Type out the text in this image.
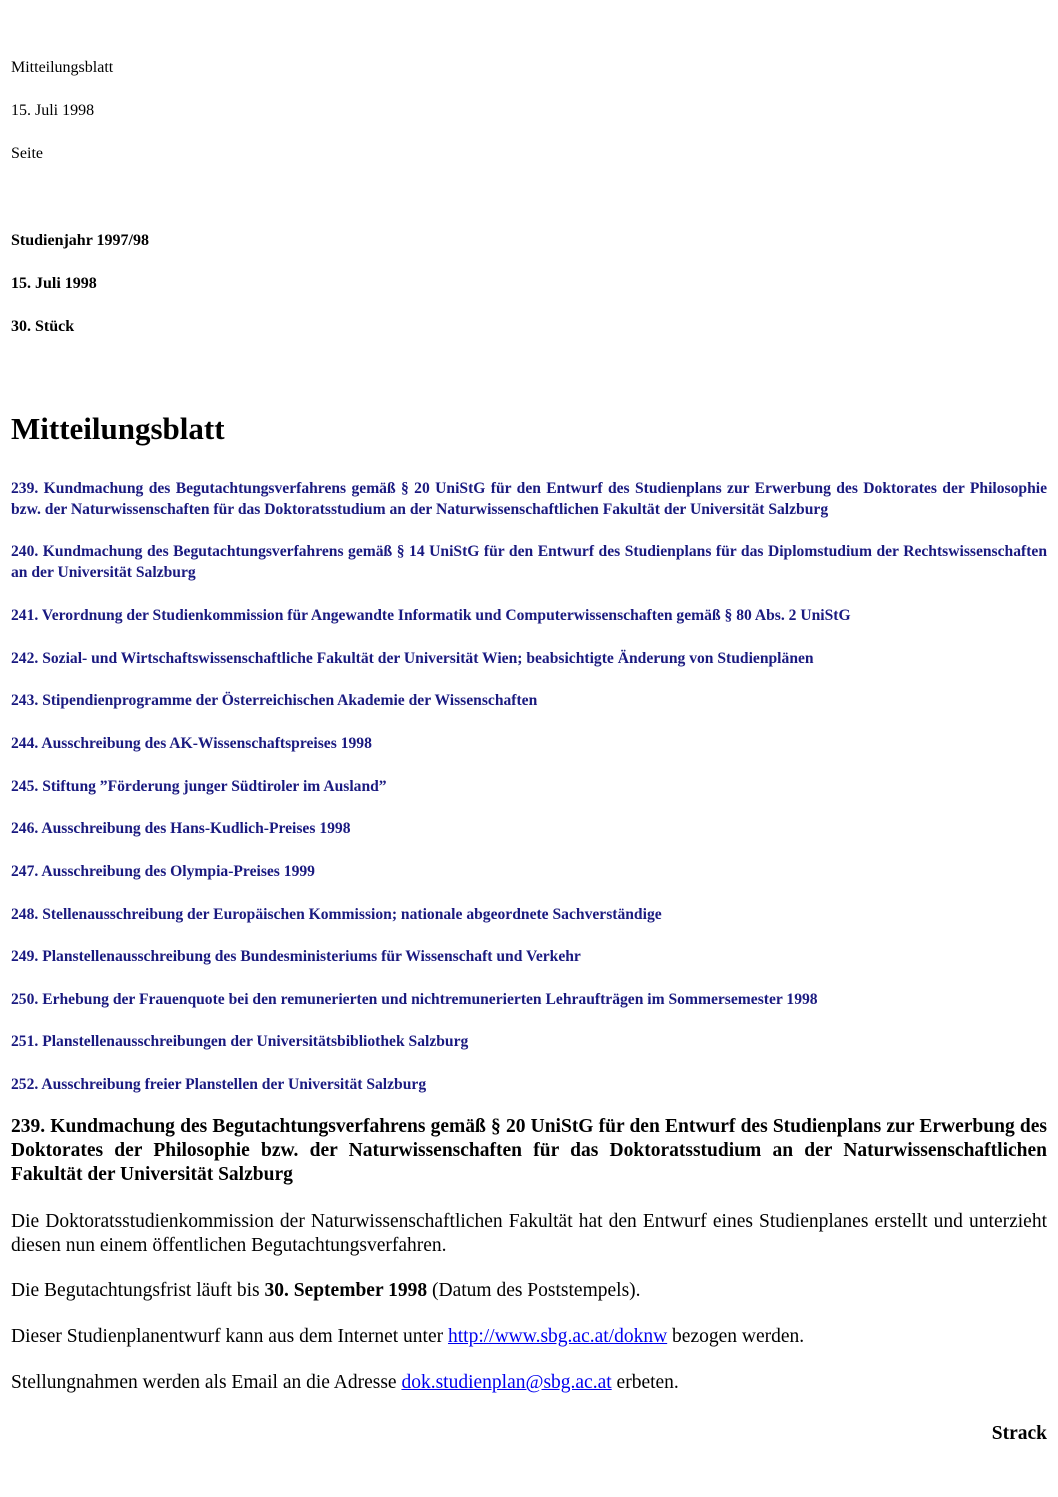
Mitteilungsblatt
15. Juli 1998
Seite
Studienjahr 1997/98
15. Juli 1998
30. Stück
Mitteilungsblatt
239. Kundmachung des Begutachtungsverfahrens gemäß § 20 UniStG für den Entwurf des Studienplans zur Erwerbung des Doktorates der Philosophie bzw. der Naturwissenschaften für das Doktoratsstudium an der Naturwissenschaftlichen Fakultät der Universität Salzburg
240. Kundmachung des Begutachtungsverfahrens gemäß § 14 UniStG für den Entwurf des Studienplans für das Diplomstudium der Rechtswissenschaften an der Universität Salzburg
241. Verordnung der Studienkommission für Angewandte Informatik und Computerwissenschaften gemäß § 80 Abs. 2 UniStG
242. Sozial- und Wirtschaftswissenschaftliche Fakultät der Universität Wien; beabsichtigte Änderung von Studienplänen
243. Stipendienprogramme der Österreichischen Akademie der Wissenschaften
244. Ausschreibung des AK-Wissenschaftspreises 1998
245. Stiftung ”Förderung junger Südtiroler im Ausland”
246. Ausschreibung des Hans-Kudlich-Preises 1998
247. Ausschreibung des Olympia-Preises 1999
248. Stellenausschreibung der Europäischen Kommission; nationale abgeordnete Sachverständige
249. Planstellenausschreibung des Bundesministeriums für Wissenschaft und Verkehr
250. Erhebung der Frauenquote bei den remunerierten und nichtremunerierten Lehraufträgen im Sommersemester 1998
251. Planstellenausschreibungen der Universitätsbibliothek Salzburg
252. Ausschreibung freier Planstellen der Universität Salzburg
239. Kundmachung des Begutachtungsverfahrens gemäß § 20 UniStG für den Entwurf des Studienplans zur Erwerbung des Doktorates der Philosophie bzw. der Naturwissenschaften für das Doktoratsstudium an der Naturwissenschaftlichen Fakultät der Universität Salzburg

Die Doktoratsstudienkommission der Naturwissenschaftlichen Fakultät hat den Entwurf eines Studienplanes erstellt und unterzieht diesen nun einem öffentlichen Begutachtungsverfahren.

Die Begutachtungsfrist läuft bis 30. September 1998 (Datum des Poststempels).

Dieser Studienplanentwurf kann aus dem Internet unter http://www.sbg.ac.at/doknw bezogen werden.

Stellungnahmen werden als Email an die Adresse dok.studienplan@sbg.ac.at erbeten.

Strack
